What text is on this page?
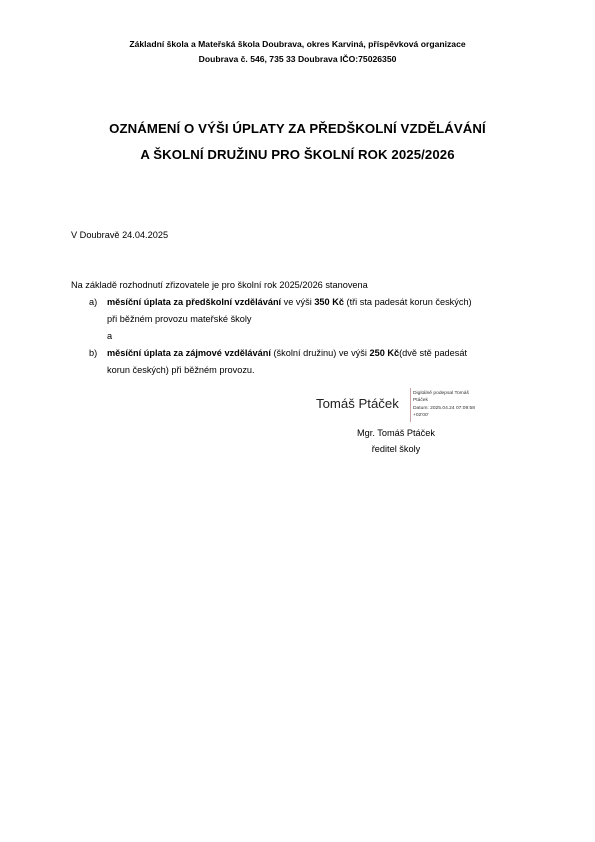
Základní škola a Mateřská škola Doubrava, okres Karviná, příspěvková organizace
Doubrava č. 546, 735 33 Doubrava IČO:75026350
OZNÁMENÍ O VÝŠI ÚPLATY ZA PŘEDŠKOLNÍ VZDĚLÁVÁNÍ
A ŠKOLNÍ DRUŽINU PRO ŠKOLNÍ ROK 2025/2026
V Doubravě 24.04.2025
Na základě rozhodnutí zřizovatele je pro školní rok 2025/2026 stanovena
a) měsíční úplata za předškolní vzdělávání ve výši 350 Kč (tři sta padesát korun českých)
při běžném provozu mateřské školy
a
b) měsíční úplata za zájmové vzdělávání (školní družinu) ve výši 250 Kč(dvě stě padesát
korun českých) při běžném provozu.
Tomáš Ptáček
Digitálně podepsal Tomáš
Ptáček
Datum: 2025.04.24 07:09:58
+02'00'
Mgr. Tomáš Ptáček
ředitel školy
